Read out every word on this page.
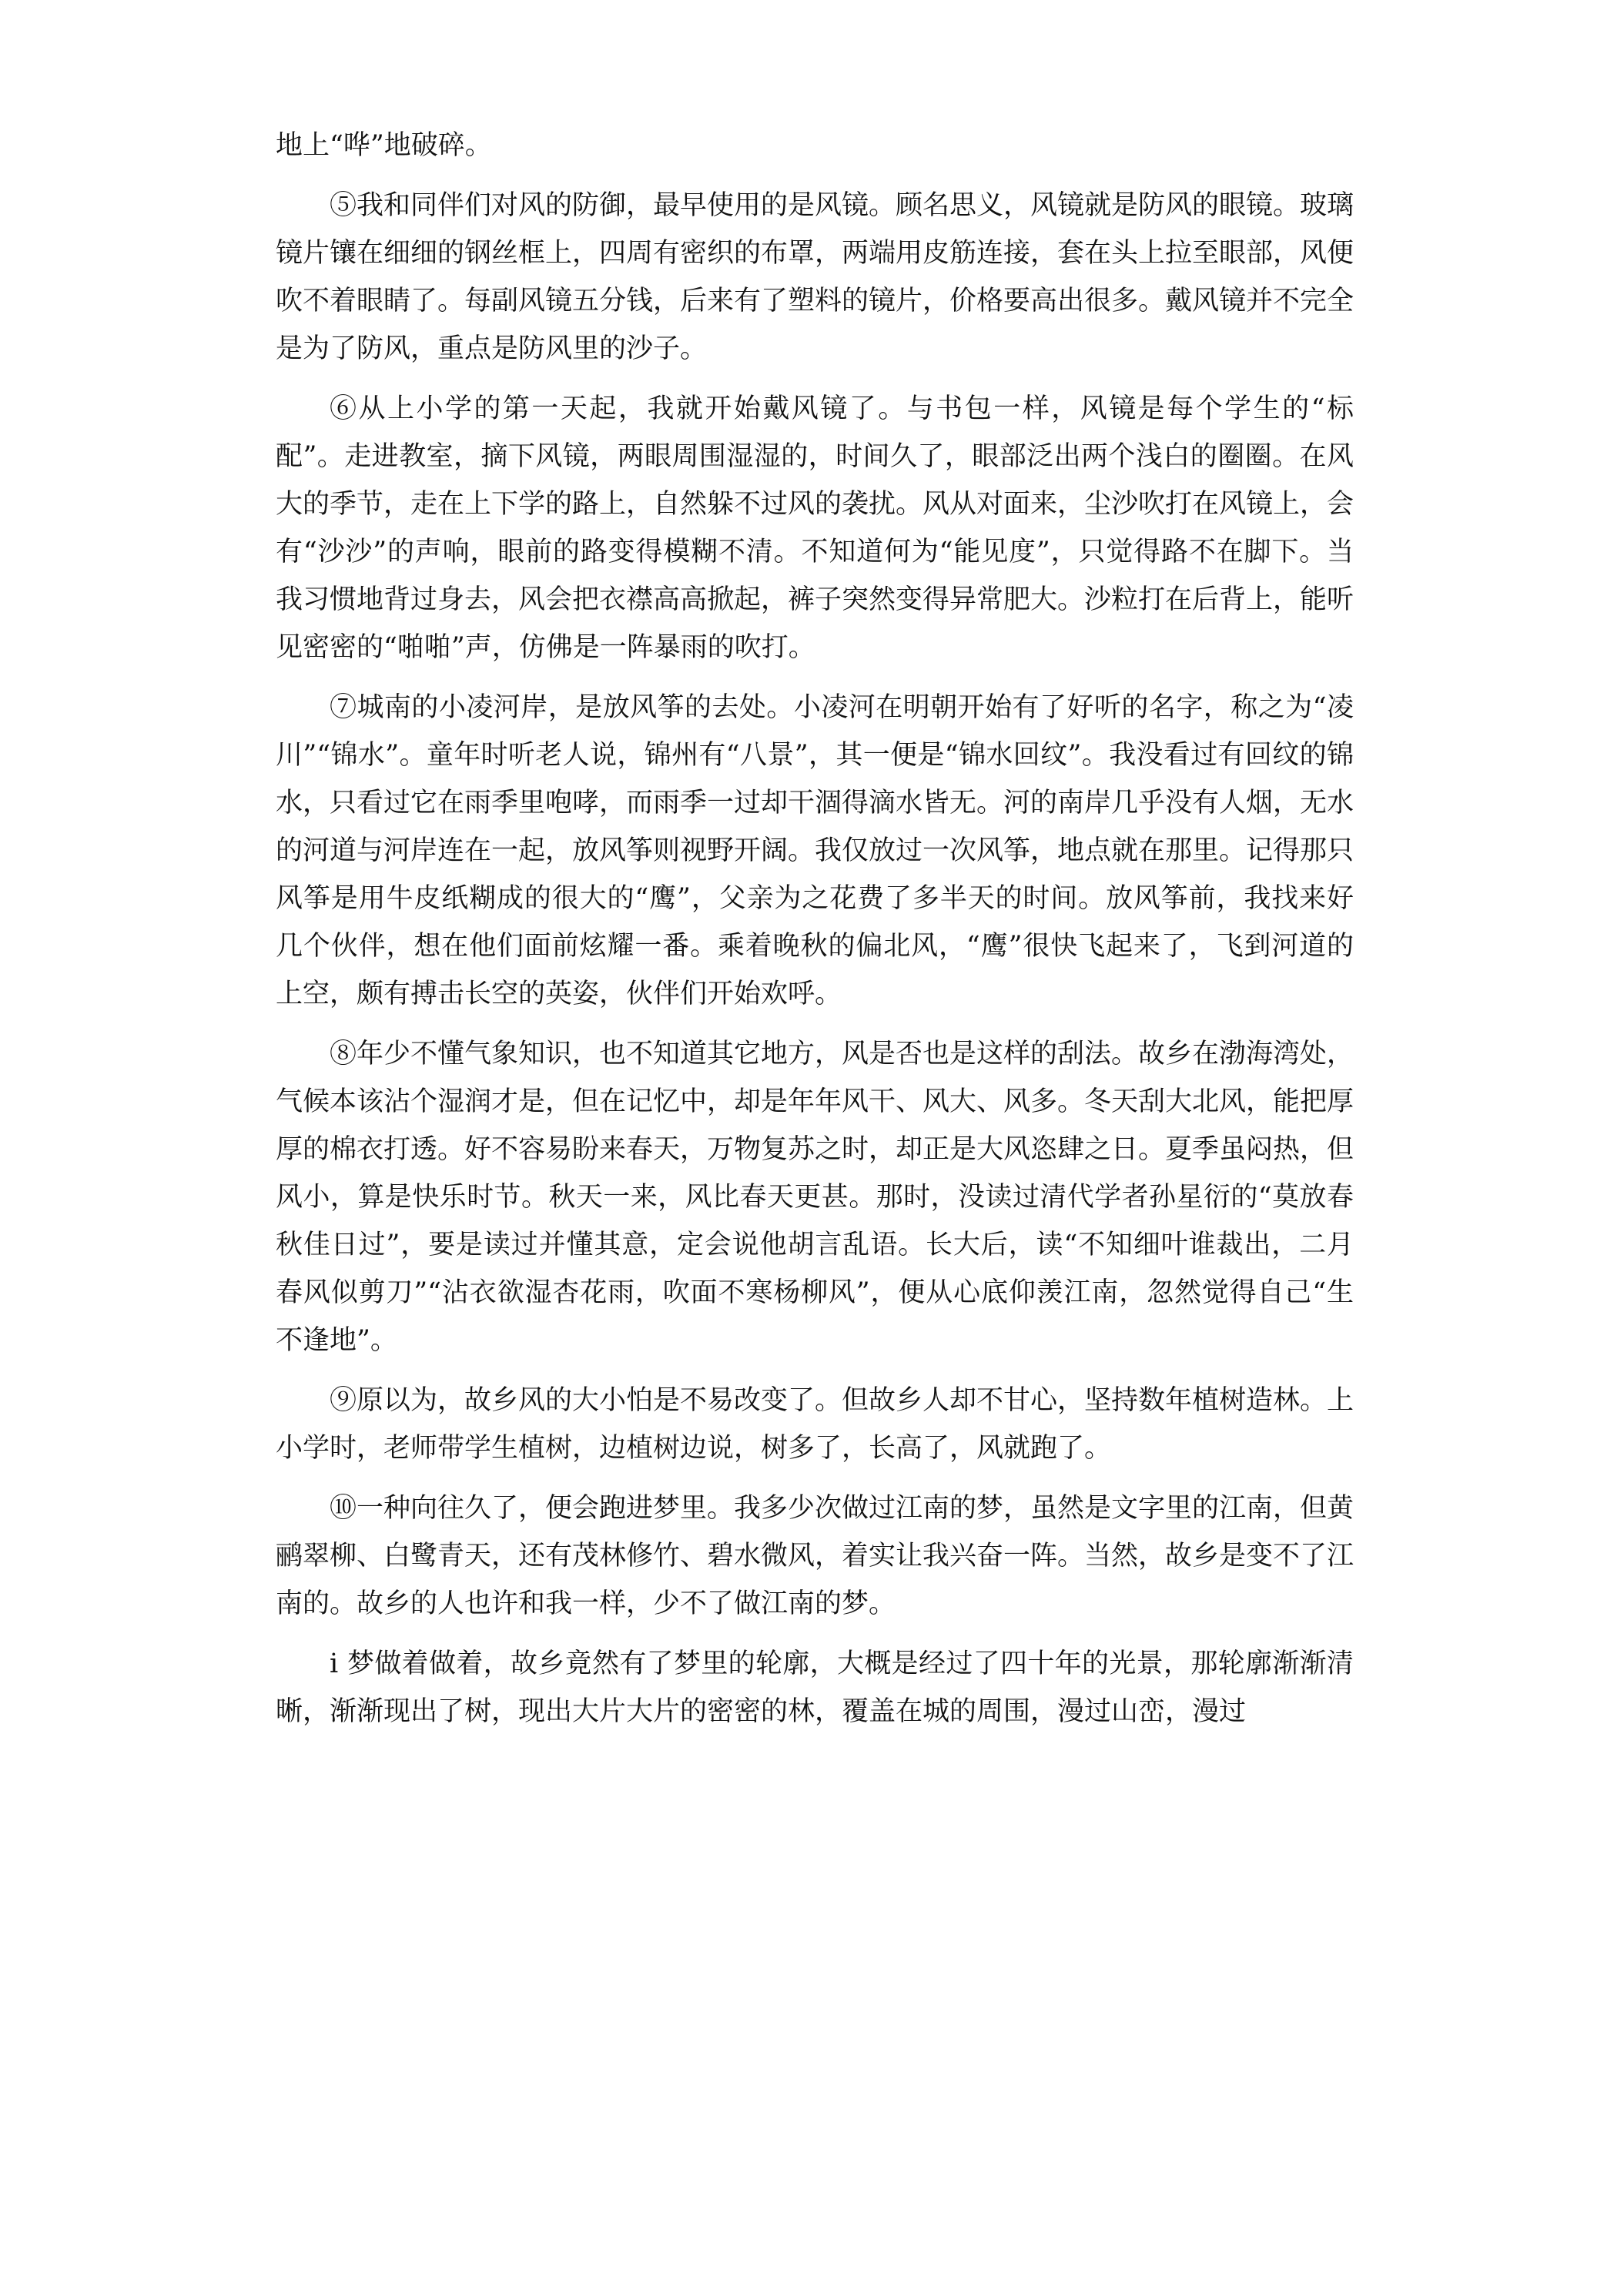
地上“哗”地破碎。

⑤我和同伴们对风的防御，最早使用的是风镜。顾名思义，风镜就是防风的眼镜。玻璃镜片镶在细细的钢丝框上，四周有密织的布罩，两端用皮筋连接，套在头上拉至眼部，风便吹不着眼睛了。每副风镜五分钱，后来有了塑料的镜片，价格要高出很多。戴风镜并不完全是为了防风，重点是防风里的沙子。

⑥从上小学的第一天起，我就开始戴风镜了。与书包一样，风镜是每个学生的“标配”。走进教室，摘下风镜，两眼周围湿湿的，时间久了，眼部泛出两个浅白的圈圈。在风大的季节，走在上下学的路上，自然躲不过风的袭扰。风从对面来，尘沙吹打在风镜上，会有“沙沙”的声响，眼前的路变得模糊不清。不知道何为“能见度”，只觉得路不在脚下。当我习惯地背过身去，风会把衣襟高高掀起，裤子突然变得异常肥大。沙粒打在后背上，能听见密密的“啪啪”声，仿佛是一阵暴雨的吹打。

⑦城南的小凌河岸，是放风筝的去处。小凌河在明朝开始有了好听的名字，称之为“凌川”“锦水”。童年时听老人说，锦州有“八景”，其一便是“锦水回纹”。我没看过有回纹的锦水，只看过它在雨季里咆哮，而雨季一过却干涸得滴水皆无。河的南岸几乎没有人烟，无水的河道与河岸连在一起，放风筝则视野开阔。我仅放过一次风筝，地点就在那里。记得那只风筝是用牛皮纸糊成的很大的“鹰”，父亲为之花费了多半天的时间。放风筝前，我找来好几个伙伴，想在他们面前炫耀一番。乘着晚秋的偏北风，“鹰”很快飞起来了，飞到河道的上空，颇有搏击长空的英姿，伙伴们开始欢呼。

⑧年少不懂气象知识，也不知道其它地方，风是否也是这样的刮法。故乡在渤海湾处，气候本该沾个湿润才是，但在记忆中，却是年年风干、风大、风多。冬天刮大北风，能把厚厚的棉衣打透。好不容易盼来春天，万物复苏之时，却正是大风恣肆之日。夏季虽闷热，但风小，算是快乐时节。秋天一来，风比春天更甚。那时，没读过清代学者孙星衍的“莫放春秋佳日过”，要是读过并懂其意，定会说他胡言乱语。长大后，读“不知细叶谁裁出，二月春风似剪刀”“沾衣欲湿杏花雨，吹面不寒杨柳风”，便从心底仰羡江南，忽然觉得自己“生不逢地”。

⑨原以为，故乡风的大小怕是不易改变了。但故乡人却不甘心，坚持数年植树造林。上小学时，老师带学生植树，边植树边说，树多了，长高了，风就跑了。

⑩一种向往久了，便会跑进梦里。我多少次做过江南的梦，虽然是文字里的江南，但黄鹂翠柳、白鹭青天，还有茂林修竹、碧水微风，着实让我兴奋一阵。当然，故乡是变不了江南的。故乡的人也许和我一样，少不了做江南的梦。

ⅰ 梦做着做着，故乡竟然有了梦里的轮廓，大概是经过了四十年的光景，那轮廓渐渐清晰，渐渐现出了树，现出大片大片的密密的林，覆盖在城的周围，漫过山峦，漫过
